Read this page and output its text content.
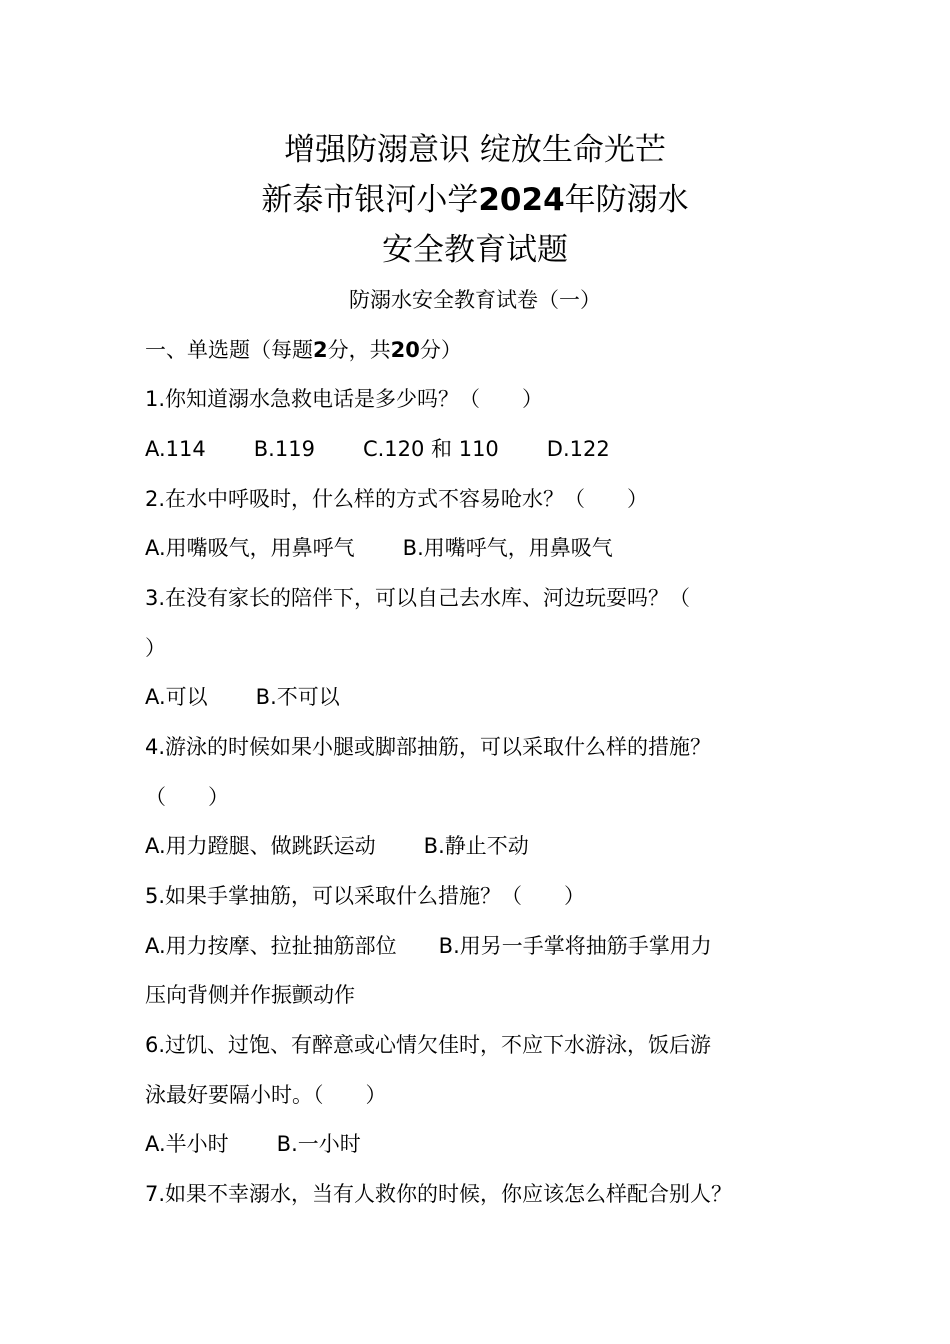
增强防溺意识 绽放生命光芒
新泰市银河小学2024年防溺水
安全教育试题
防溺水安全教育试卷（一）
一、单选题（每题2分，共20分）
1.你知道溺水急救电话是多少吗？（　　）
A.114 B.119 C.120 和 110 D.122
2.在水中呼吸时，什么样的方式不容易呛水？（　　）
A.用嘴吸气，用鼻呼气 B.用嘴呼气，用鼻吸气
3.在没有家长的陪伴下，可以自己去水库、河边玩耍吗？（
）
A.可以 B.不可以
4.游泳的时候如果小腿或脚部抽筋，可以采取什么样的措施？
（　　）
A.用力蹬腿、做跳跃运动 B.静止不动
5.如果手掌抽筋，可以采取什么措施？（　　）
A.用力按摩、拉扯抽筋部位　　B.用另一手掌将抽筋手掌用力
压向背侧并作振颤动作
6.过饥、过饱、有醉意或心情欠佳时，不应下水游泳，饭后游
泳最好要隔小时。（　　）
A.半小时 B.一小时
7.如果不幸溺水，当有人救你的时候，你应该怎么样配合别人？
